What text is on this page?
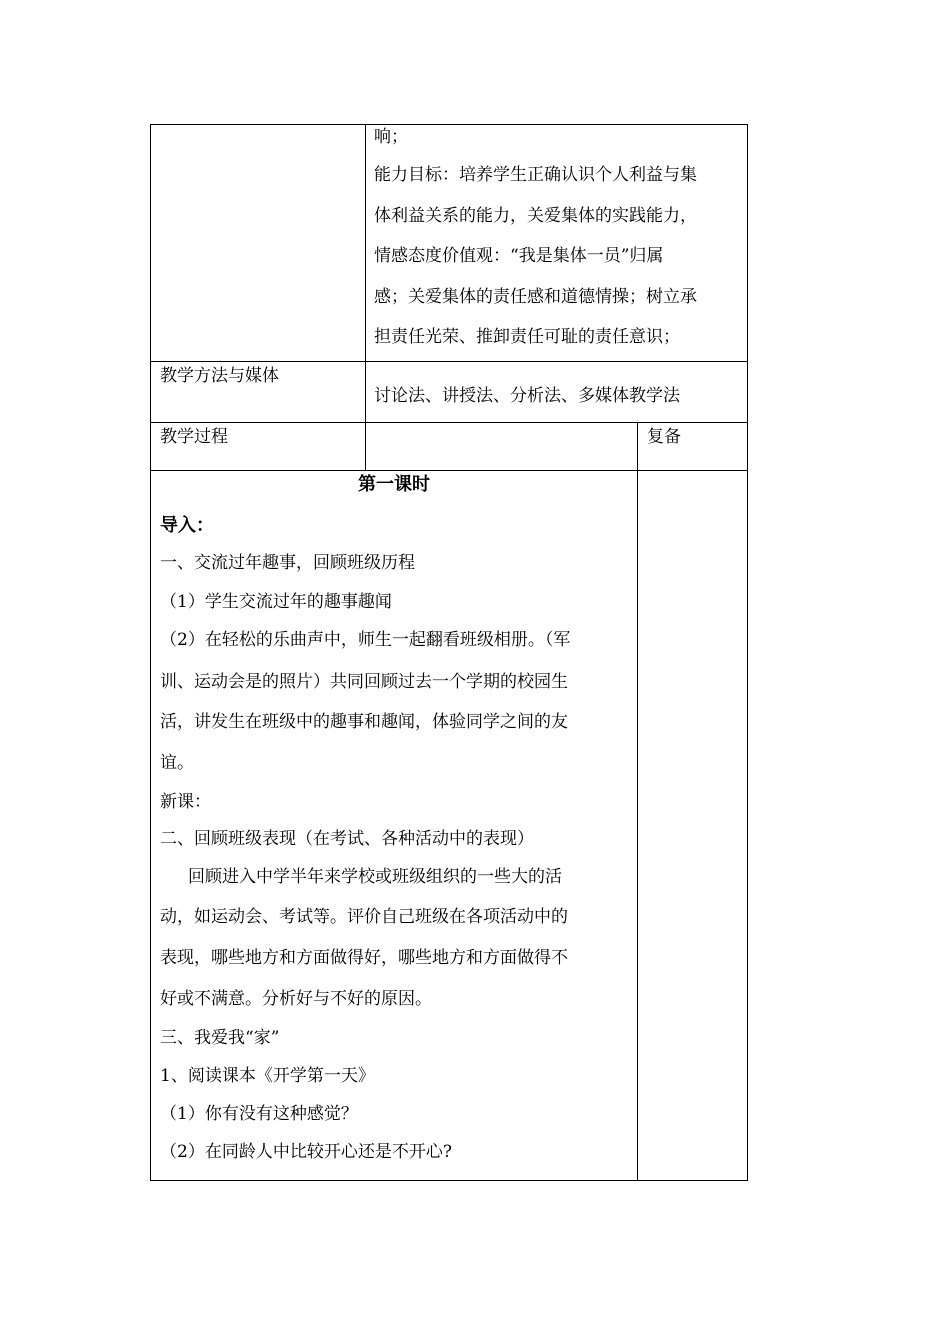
响；
能力目标：培养学生正确认识个人利益与集
体利益关系的能力，关爱集体的实践能力，
情感态度价值观：“我是集体一员”归属
感；关爱集体的责任感和道德情操；树立承
担责任光荣、推卸责任可耻的责任意识；
教学方法与媒体
讨论法、讲授法、分析法、多媒体教学法
教学过程	复备
第一课时
导入：
一、交流过年趣事，回顾班级历程
（1）学生交流过年的趣事趣闻
（2）在轻松的乐曲声中，师生一起翻看班级相册。（军
训、运动会是的照片）共同回顾过去一个学期的校园生
活，讲发生在班级中的趣事和趣闻，体验同学之间的友
谊。
新课：
二、回顾班级表现（在考试、各种活动中的表现）
回顾进入中学半年来学校或班级组织的一些大的活
动，如运动会、考试等。评价自己班级在各项活动中的
表现，哪些地方和方面做得好，哪些地方和方面做得不
好或不满意。分析好与不好的原因。
三、我爱我“家”
1、阅读课本《开学第一天》
（1）你有没有这种感觉？
（2）在同龄人中比较开心还是不开心?
